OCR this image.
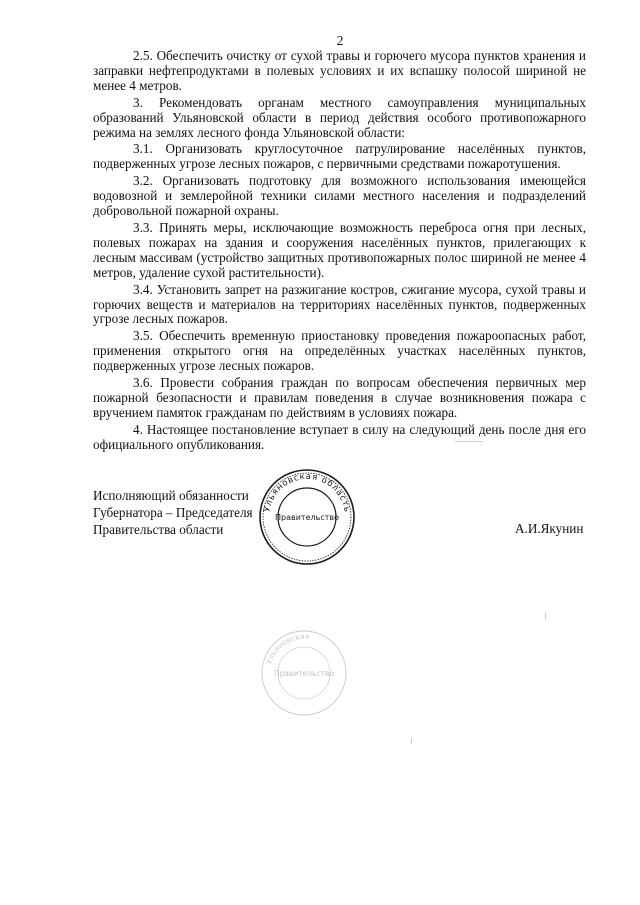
2

2.5. Обеспечить очистку от сухой травы и горючего мусора пунктов хранения и заправки нефтепродуктами в полевых условиях и их вспашку полосой шириной не менее 4 метров.

3. Рекомендовать органам местного самоуправления муниципальных образований Ульяновской области в период действия особого противопожарного режима на землях лесного фонда Ульяновской области:

3.1. Организовать круглосуточное патрулирование населённых пунктов, подверженных угрозе лесных пожаров, с первичными средствами пожаротушения.

3.2. Организовать подготовку для возможного использования имеющейся водовозной и землеройной техники силами местного населения и подразделений добровольной пожарной охраны.

3.3. Принять меры, исключающие возможность переброса огня при лесных, полевых пожарах на здания и сооружения населённых пунктов, прилегающих к лесным массивам (устройство защитных противопожарных полос шириной не менее 4 метров, удаление сухой растительности).

3.4. Установить запрет на разжигание костров, сжигание мусора, сухой травы и горючих веществ и материалов на территориях населённых пунктов, подверженных угрозе лесных пожаров.

3.5. Обеспечить временную приостановку проведения пожароопасных работ, применения открытого огня на определённых участках населённых пунктов, подверженных угрозе лесных пожаров.

3.6. Провести собрания граждан по вопросам обеспечения первичных мер пожарной безопасности и правилам поведения в случае возникновения пожара с вручением памяток гражданам по действиям в условиях пожара.

4. Настоящее постановление вступает в силу на следующий день после дня его официального опубликования.

Ульяновская область
Правительство
Исполняющий обязанности
Губернатора – Председателя
Правительства области	А.И.Якунин
Ульяновская
Правительство
